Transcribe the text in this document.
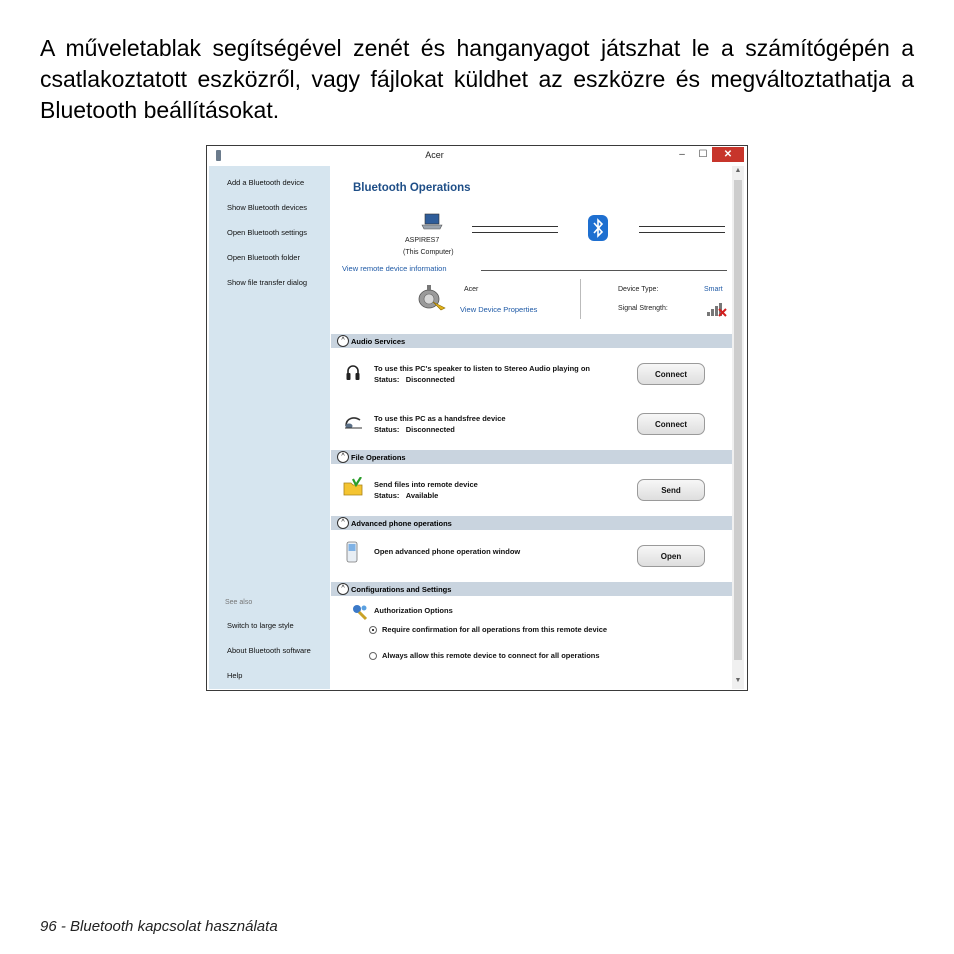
A műveletablak segítségével zenét és hanganyagot játszhat le a számítógépén a csatlakoztatott eszközről, vagy fájlokat küldhet az eszközre és megváltoztathatja a Bluetooth beállításokat.

Acer	–	☐	✕
Add a Bluetooth device
Show Bluetooth devices
Open Bluetooth settings
Open Bluetooth folder
Show file transfer dialog
See also
Switch to large style
About Bluetooth software
Help
Bluetooth Operations
ASPIRES7
(This Computer)
View remote device information
Acer
View Device Properties
Device Type:	Smart
Signal Strength:
^ Audio Services
To use this PC's speaker to listen to Stereo Audio playing on
Status: Disconnected
Connect
To use this PC as a handsfree device
Status: Disconnected
Connect
^ File Operations
Send files into remote device
Status: Available
Send
^ Advanced phone operations
Open advanced phone operation window
Open
^ Configurations and Settings
Authorization Options
Require confirmation for all operations from this remote device
Always allow this remote device to connect for all operations
▲
▼
96 - Bluetooth kapcsolat használata
